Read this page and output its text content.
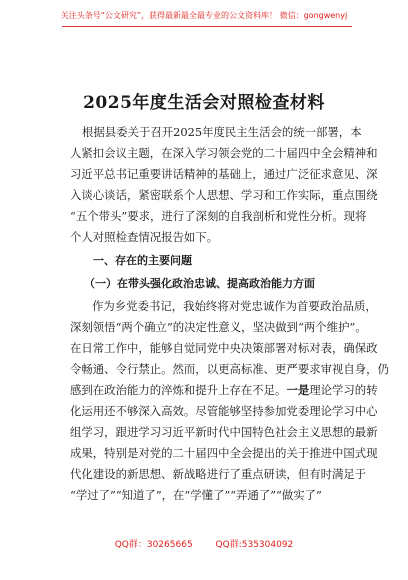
关注头条号“公文研究”，获得最新最全最专业的公文资料库！ 微信：gongwenyj
2025年度生活会对照检查材料
根据县委关于召开2025年度民主生活会的统一部署，本
人紧扣会议主题，在深入学习领会党的二十届四中全会精神和
习近平总书记重要讲话精神的基础上，通过广泛征求意见、深
入谈心谈话，紧密联系个人思想、学习和工作实际，重点围绕
“五个带头”要求，进行了深刻的自我剖析和党性分析。现将
个人对照检查情况报告如下。
一、存在的主要问题
（一）在带头强化政治忠诚、提高政治能力方面
作为乡党委书记，我始终将对党忠诚作为首要政治品质，
深刻领悟“两个确立”的决定性意义，坚决做到“两个维护”。
在日常工作中，能够自觉同党中央决策部署对标对表，确保政
令畅通、令行禁止。然而，以更高标准、更严要求审视自身，仍
感到在政治能力的淬炼和提升上存在不足。一是理论学习的转
化运用还不够深入高效。尽管能够坚持参加党委理论学习中心
组学习，跟进学习习近平新时代中国特色社会主义思想的最新
成果，特别是对党的二十届四中全会提出的关于推进中国式现
代化建设的新思想、新战略进行了重点研读，但有时满足于
“学过了”“知道了”，在“学懂了”“弄通了”“做实了”
QQ群：30265665	QQ群:535304092
